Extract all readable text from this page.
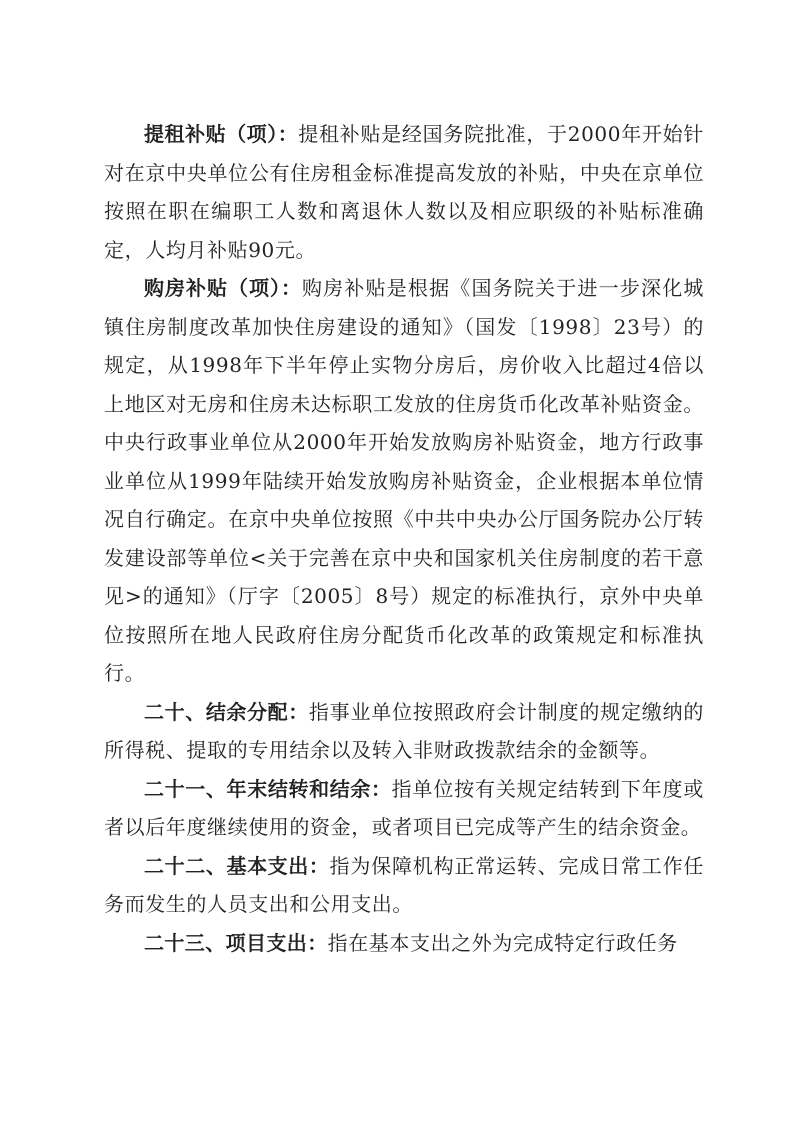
提租补贴（项）：提租补贴是经国务院批准，于2000年开始针对在京中央单位公有住房租金标准提高发放的补贴，中央在京单位按照在职在编职工人数和离退休人数以及相应职级的补贴标准确定，人均月补贴90元。

购房补贴（项）：购房补贴是根据《国务院关于进一步深化城镇住房制度改革加快住房建设的通知》（国发〔1998〕23号）的规定，从1998年下半年停止实物分房后，房价收入比超过4倍以上地区对无房和住房未达标职工发放的住房货币化改革补贴资金。中央行政事业单位从2000年开始发放购房补贴资金，地方行政事业单位从1999年陆续开始发放购房补贴资金，企业根据本单位情况自行确定。在京中央单位按照《中共中央办公厅国务院办公厅转发建设部等单位<关于完善在京中央和国家机关住房制度的若干意见>的通知》（厅字〔2005〕8号）规定的标准执行，京外中央单位按照所在地人民政府住房分配货币化改革的政策规定和标准执行。

二十、结余分配：指事业单位按照政府会计制度的规定缴纳的所得税、提取的专用结余以及转入非财政拨款结余的金额等。

二十一、年末结转和结余：指单位按有关规定结转到下年度或者以后年度继续使用的资金，或者项目已完成等产生的结余资金。

二十二、基本支出：指为保障机构正常运转、完成日常工作任务而发生的人员支出和公用支出。

二十三、项目支出：指在基本支出之外为完成特定行政任务
